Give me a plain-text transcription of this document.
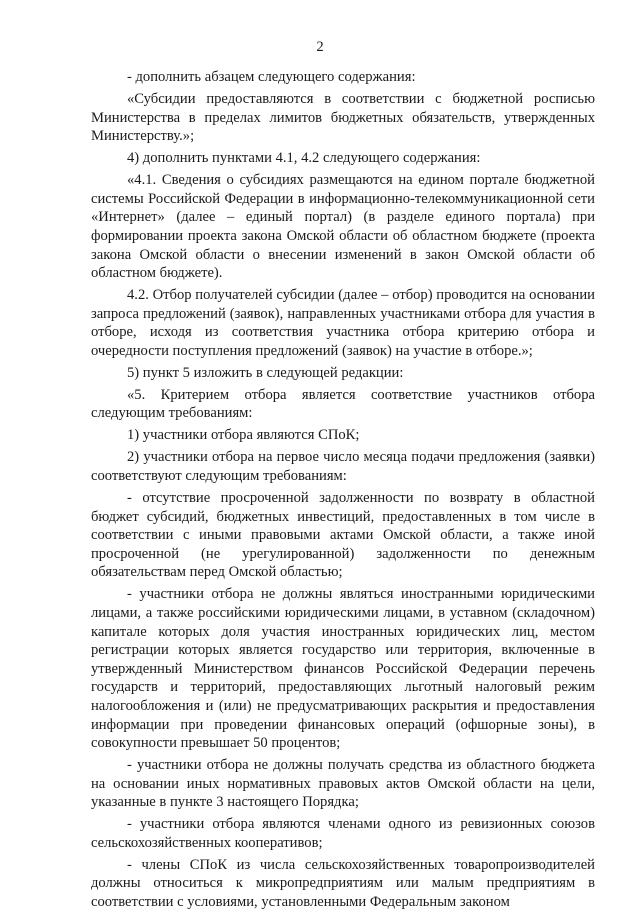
2

- дополнить абзацем следующего содержания:

«Субсидии предоставляются в соответствии с бюджетной росписью Министерства в пределах лимитов бюджетных обязательств, утвержденных Министерству.»;

4) дополнить пунктами 4.1, 4.2 следующего содержания:

«4.1. Сведения о субсидиях размещаются на едином портале бюджетной системы Российской Федерации в информационно-телекоммуникационной сети «Интернет» (далее – единый портал) (в разделе единого портала) при формировании проекта закона Омской области об областном бюджете (проекта закона Омской области о внесении изменений в закон Омской области об областном бюджете).

4.2. Отбор получателей субсидии (далее – отбор) проводится на основании запроса предложений (заявок), направленных участниками отбора для участия в отборе, исходя из соответствия участника отбора критерию отбора и очередности поступления предложений (заявок) на участие в отборе.»;

5) пункт 5 изложить в следующей редакции:

«5. Критерием отбора является соответствие участников отбора следующим требованиям:

1) участники отбора являются СПоК;

2) участники отбора на первое число месяца подачи предложения (заявки) соответствуют следующим требованиям:

- отсутствие просроченной задолженности по возврату в областной бюджет субсидий, бюджетных инвестиций, предоставленных в том числе в соответствии с иными правовыми актами Омской области, а также иной просроченной (не урегулированной) задолженности по денежным обязательствам перед Омской областью;

- участники отбора не должны являться иностранными юридическими лицами, а также российскими юридическими лицами, в уставном (складочном) капитале которых доля участия иностранных юридических лиц, местом регистрации которых является государство или территория, включенные в утвержденный Министерством финансов Российской Федерации перечень государств и территорий, предоставляющих льготный налоговый режим налогообложения и (или) не предусматривающих раскрытия и предоставления информации при проведении финансовых операций (офшорные зоны), в совокупности превышает 50 процентов;

- участники отбора не должны получать средства из областного бюджета на основании иных нормативных правовых актов Омской области на цели, указанные в пункте 3 настоящего Порядка;

- участники отбора являются членами одного из ревизионных союзов сельскохозяйственных кооперативов;

- члены СПоК из числа сельскохозяйственных товаропроизводителей должны относиться к микропредприятиям или малым предприятиям в соответствии с условиями, установленными Федеральным законом
